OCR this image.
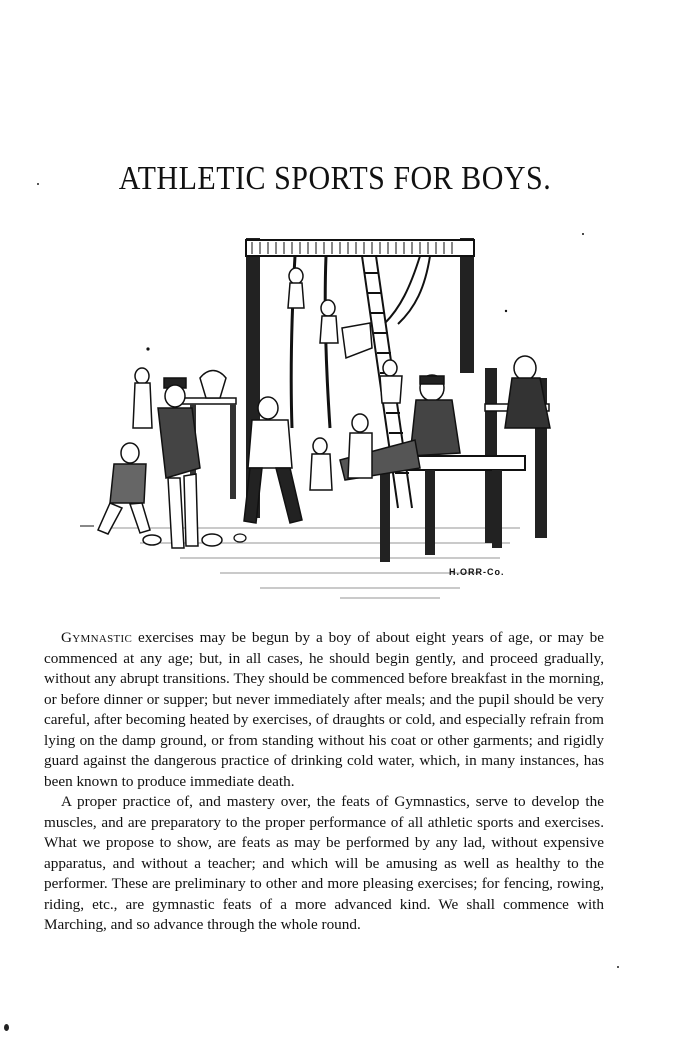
ATHLETIC SPORTS FOR BOYS.
H.ORR-Co.

Gymnastic exercises may be begun by a boy of about eight years of age, or may be commenced at any age; but, in all cases, he should begin gently, and proceed gradually, without any abrupt transitions. They should be commenced before breakfast in the morning, or before dinner or supper; but never immediately after meals; and the pupil should be very careful, after becoming heated by exercises, of draughts or cold, and especially refrain from lying on the damp ground, or from standing without his coat or other garments; and rigidly guard against the dangerous practice of drinking cold water, which, in many instances, has been known to produce immediate death.

A proper practice of, and mastery over, the feats of Gymnastics, serve to develop the muscles, and are preparatory to the proper performance of all athletic sports and exercises. What we propose to show, are feats as may be performed by any lad, without expensive apparatus, and without a teacher; and which will be amusing as well as healthy to the performer. These are preliminary to other and more pleasing exercises; for fencing, rowing, riding, etc., are gymnastic feats of a more advanced kind. We shall commence with Marching, and so advance through the whole round.
